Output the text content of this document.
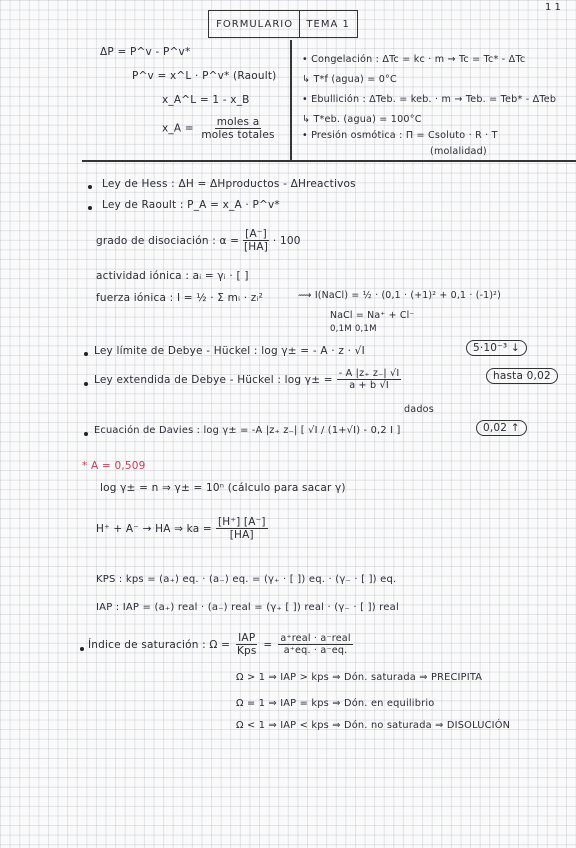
1 1
FORMULARIO TEMA 1
ΔP = P^v - P^v*
P^v = x^L · P^v* (Raoult)
x_A^L = 1 - x_B
x_A = $\frac{\text{moles a}}{\text{moles totales}}$
• Congelación : ΔTc = kc · m → Tc = Tc* - ΔTc
↳ T*f (agua) = 0°C
• Ebullición : ΔTeb. = keb. · m → Teb. = Teb* - ΔTeb
↳ T*eb. (agua) = 100°C
• Presión osmótica : Π = Csoluto · R · T
(molalidad)
Ley de Hess : ΔH = ΔHproductos - ΔHreactivos
Ley de Raoult : P_A = x_A · P^v*
grado de disociación : $\alpha = \frac{[A^-]}{[HA]} \cdot 100$
actividad iónica : aᵢ = γᵢ · [ ]
fuerza iónica : I = ½ · Σ mᵢ · zᵢ²	⟿ I(NaCl) = ½ · (0,1 · (+1)² + 0,1 · (-1)²)
NaCl = Na⁺ + Cl⁻
0,1M 0,1M
Ley límite de Debye - Hückel : log γ± = - A · z · √I	5·10⁻³ ↓
Ley extendida de Debye - Hückel : $\log \gamma\pm = \frac{- A |z_+ z_-| √I}{a + b √I}$	hasta 0,02
dados
Ecuación de Davies : log γ± = -A |z₊ z₋| [ √I / (1+√I) - 0,2 I ]	0,02 ↑
* A = 0,509
log γ± = n ⇒ γ± = 10ⁿ (cálculo para sacar γ)
H⁺ + A⁻ → HA ⇒ ka = $\frac{[H^+] [A^-]}{[HA]}$
KPS : kps = (a₊) eq. · (a₋) eq. = (γ₊ · [ ]) eq. · (γ₋ · [ ]) eq.
IAP : IAP = (a₊) real · (a₋) real = (γ₊ [ ]) real · (γ₋ · [ ]) real
Índice de saturación : $\Omega = \frac{\text{IAP}}{\text{Kps}} = \frac{\text{a⁺real · a⁻real}}{a^+eq. \cdot a^-eq.}$
Ω > 1 ⇒ IAP > kps ⇒ Dón. saturada ⇒ PRECIPITA
Ω = 1 ⇒ IAP = kps ⇒ Dón. en equilibrio
Ω < 1 ⇒ IAP < kps ⇒ Dón. no saturada ⇒ DISOLUCIÓN
